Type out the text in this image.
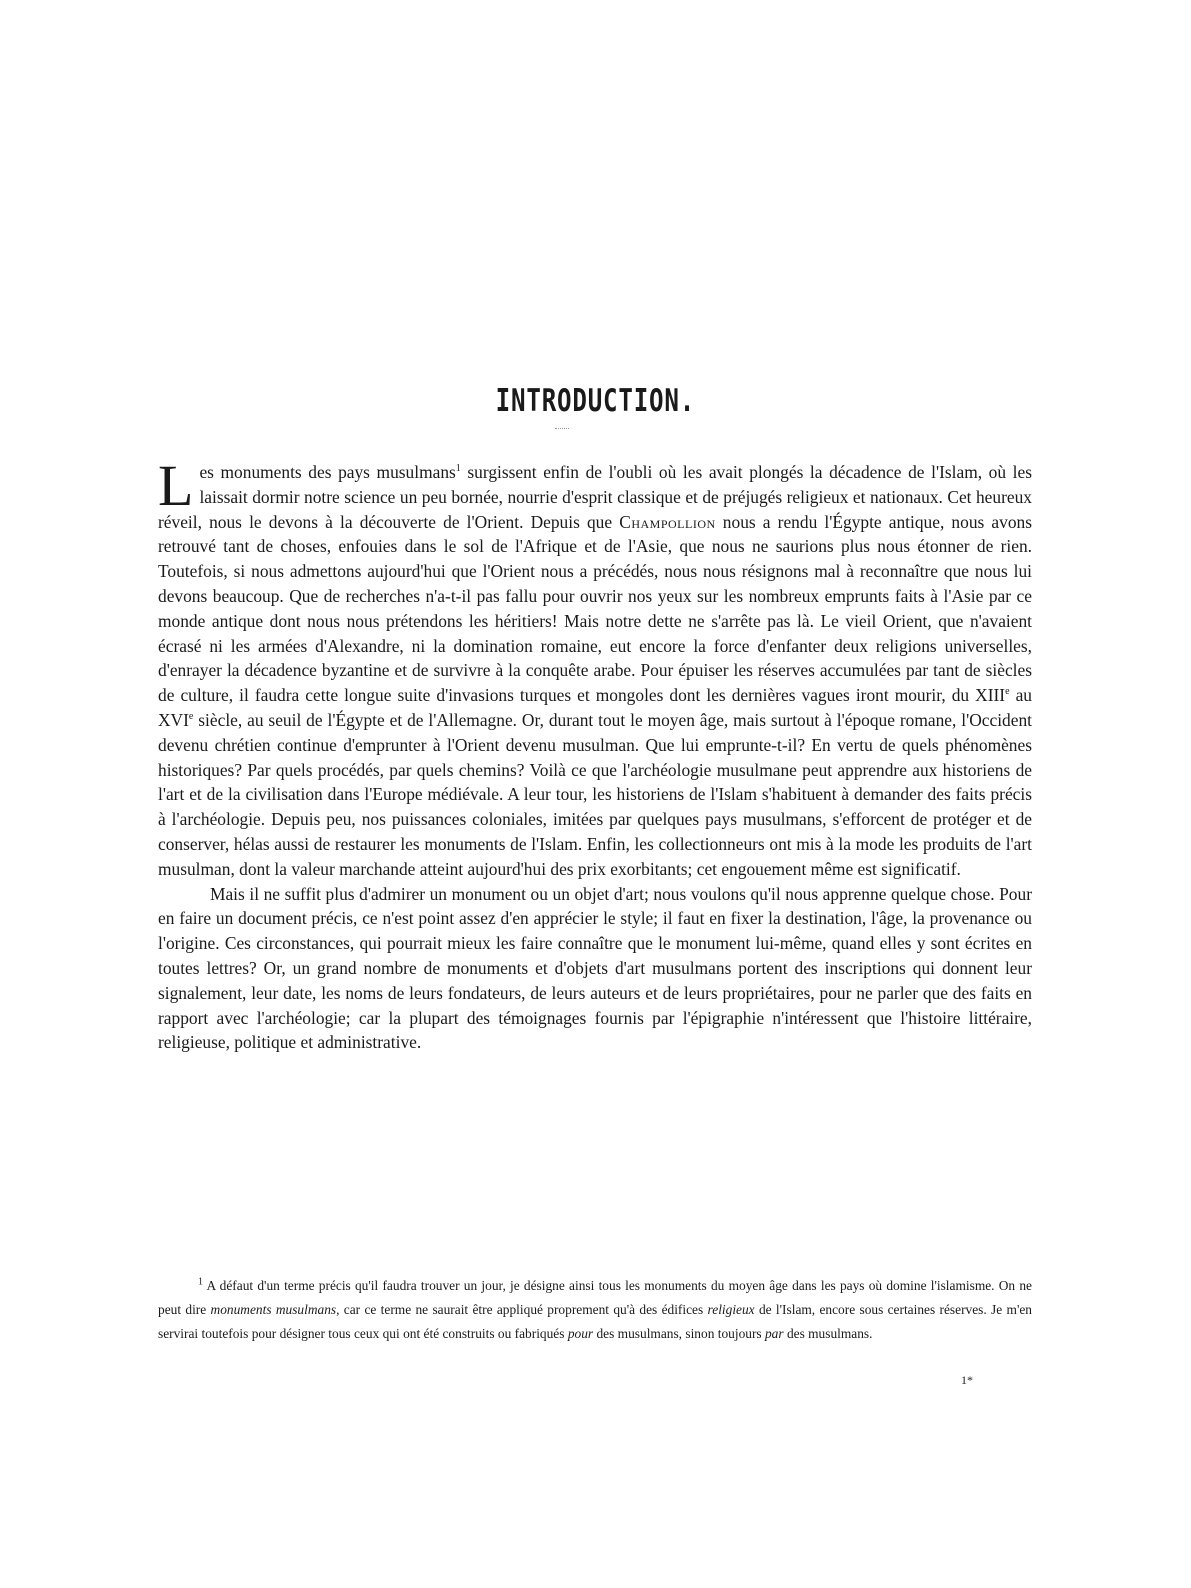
INTRODUCTION.

Les monuments des pays musulmans$^1$ surgissent enfin de l'oubli où les avait plongés la décadence de l'Islam, où les laissait dormir notre science un peu bornée, nourrie d'esprit classique et de préjugés religieux et nationaux. Cet heureux réveil, nous le devons à la découverte de l'Orient. Depuis que Champollion nous a rendu l'Égypte antique, nous avons retrouvé tant de choses, enfouies dans le sol de l'Afrique et de l'Asie, que nous ne saurions plus nous étonner de rien. Toutefois, si nous admettons aujourd'hui que l'Orient nous a précédés, nous nous résignons mal à reconnaître que nous lui devons beaucoup. Que de recherches n'a-t-il pas fallu pour ouvrir nos yeux sur les nombreux emprunts faits à l'Asie par ce monde antique dont nous nous prétendons les héritiers! Mais notre dette ne s'arrête pas là. Le vieil Orient, que n'avaient écrasé ni les armées d'Alexandre, ni la domination romaine, eut encore la force d'enfanter deux religions universelles, d'enrayer la décadence byzantine et de survivre à la conquête arabe. Pour épuiser les réserves accumulées par tant de siècles de culture, il faudra cette longue suite d'invasions turques et mongoles dont les dernières vagues iront mourir, du XIIIe au XVIe siècle, au seuil de l'Égypte et de l'Allemagne. Or, durant tout le moyen âge, mais surtout à l'époque romane, l'Occident devenu chrétien continue d'emprunter à l'Orient devenu musulman. Que lui emprunte-t-il? En vertu de quels phénomènes historiques? Par quels procédés, par quels chemins? Voilà ce que l'archéologie musulmane peut apprendre aux historiens de l'art et de la civilisation dans l'Europe médiévale. A leur tour, les historiens de l'Islam s'habituent à demander des faits précis à l'archéologie. Depuis peu, nos puissances coloniales, imitées par quelques pays musulmans, s'efforcent de protéger et de conserver, hélas aussi de restaurer les monuments de l'Islam. Enfin, les collectionneurs ont mis à la mode les produits de l'art musulman, dont la valeur marchande atteint aujourd'hui des prix exorbitants; cet engouement même est significatif.

Mais il ne suffit plus d'admirer un monument ou un objet d'art; nous voulons qu'il nous apprenne quelque chose. Pour en faire un document précis, ce n'est point assez d'en apprécier le style; il faut en fixer la destination, l'âge, la provenance ou l'origine. Ces circonstances, qui pourrait mieux les faire connaître que le monument lui-même, quand elles y sont écrites en toutes lettres? Or, un grand nombre de monuments et d'objets d'art musulmans portent des inscriptions qui donnent leur signalement, leur date, les noms de leurs fondateurs, de leurs auteurs et de leurs propriétaires, pour ne parler que des faits en rapport avec l'archéologie; car la plupart des témoignages fournis par l'épigraphie n'intéressent que l'histoire littéraire, religieuse, politique et administrative.

$^1$ A défaut d'un terme précis qu'il faudra trouver un jour, je désigne ainsi tous les monuments du moyen âge dans les pays où domine l'islamisme. On ne peut dire monuments musulmans, car ce terme ne saurait être appliqué proprement qu'à des édifices religieux de l'Islam, encore sous certaines réserves. Je m'en servirai toutefois pour désigner tous ceux qui ont été construits ou fabriqués pour des musulmans, sinon toujours par des musulmans.

1*
